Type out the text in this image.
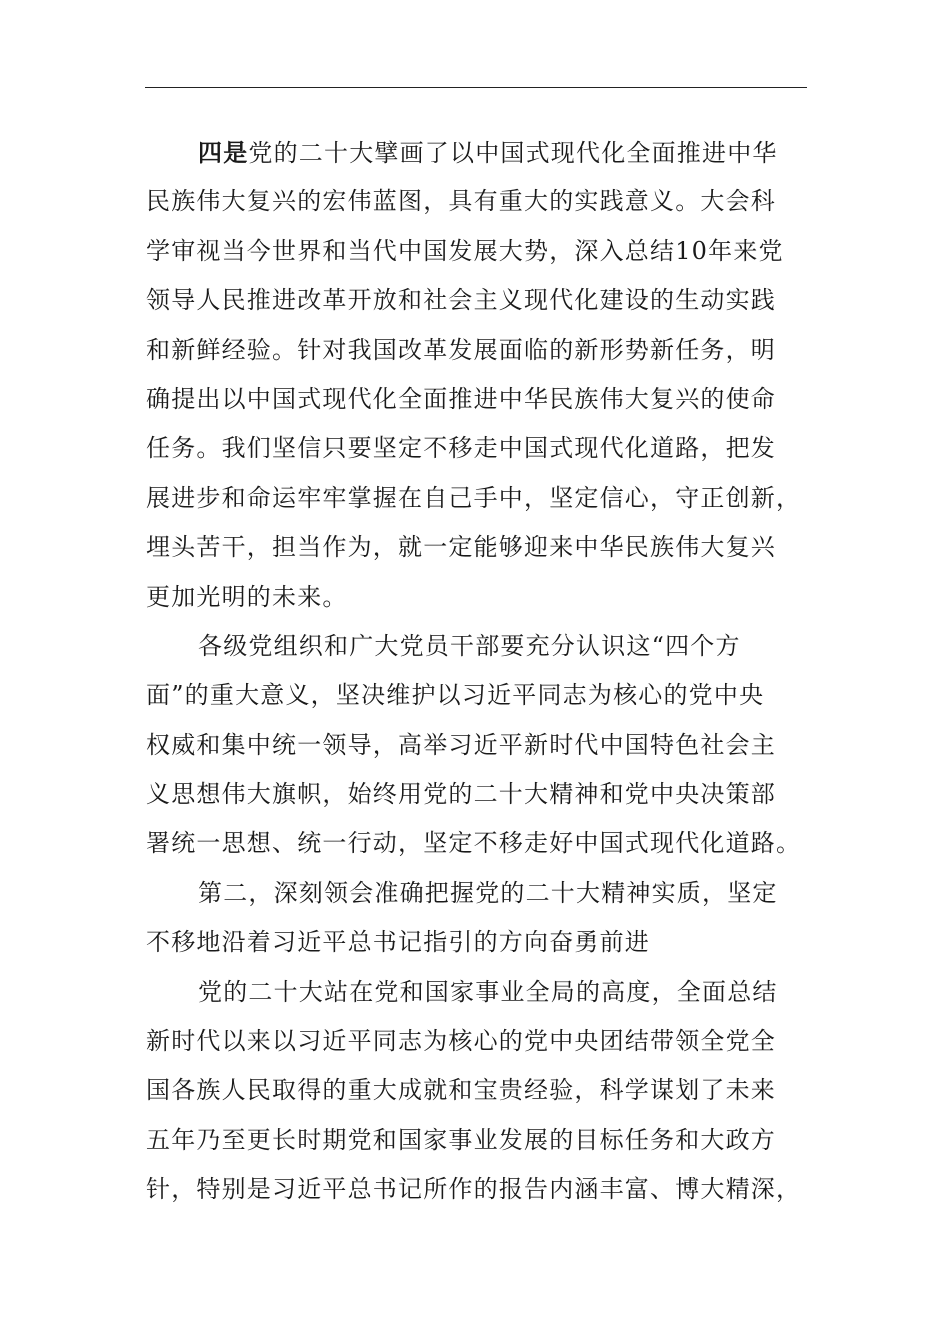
四是党的二十大擘画了以中国式现代化全面推进中华
民族伟大复兴的宏伟蓝图，具有重大的实践意义。大会科
学审视当今世界和当代中国发展大势，深入总结10年来党
领导人民推进改革开放和社会主义现代化建设的生动实践
和新鲜经验。针对我国改革发展面临的新形势新任务，明
确提出以中国式现代化全面推进中华民族伟大复兴的使命
任务。我们坚信只要坚定不移走中国式现代化道路，把发
展进步和命运牢牢掌握在自己手中，坚定信心，守正创新，
埋头苦干，担当作为，就一定能够迎来中华民族伟大复兴
更加光明的未来。
各级党组织和广大党员干部要充分认识这“四个方
面”的重大意义，坚决维护以习近平同志为核心的党中央
权威和集中统一领导，高举习近平新时代中国特色社会主
义思想伟大旗帜，始终用党的二十大精神和党中央决策部
署统一思想、统一行动，坚定不移走好中国式现代化道路。
第二，深刻领会准确把握党的二十大精神实质，坚定
不移地沿着习近平总书记指引的方向奋勇前进
党的二十大站在党和国家事业全局的高度，全面总结
新时代以来以习近平同志为核心的党中央团结带领全党全
国各族人民取得的重大成就和宝贵经验，科学谋划了未来
五年乃至更长时期党和国家事业发展的目标任务和大政方
针，特别是习近平总书记所作的报告内涵丰富、博大精深，
